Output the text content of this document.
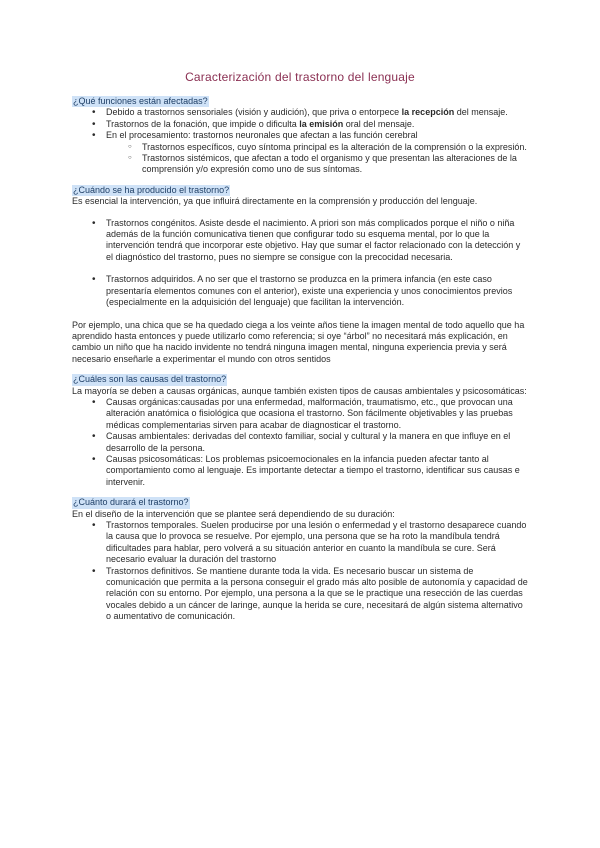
Caracterización del trastorno del lenguaje
¿Qué funciones están afectadas?
• Debido a trastornos sensoriales (visión y audición), que priva o entorpece la recepción del mensaje.
• Trastornos de la fonación, que impide o dificulta la emisión oral del mensaje.
• En el procesamiento: trastornos neuronales que afectan a las función cerebral
○ Trastornos específicos, cuyo síntoma principal es la alteración de la comprensión o la expresión.
○ Trastornos sistémicos, que afectan a todo el organismo y que presentan las alteraciones de la comprensión y/o expresión como uno de sus síntomas.
¿Cuándo se ha producido el trastorno?

Es esencial la intervención, ya que influirá directamente en la comprensión y producción del lenguaje.

• Trastornos congénitos. Asiste desde el nacimiento. A priori son más complicados porque el niño o niña además de la función comunicativa tienen que configurar todo su esquema mental, por lo que la intervención tendrá que incorporar este objetivo. Hay que sumar el factor relacionado con la detección y el diagnóstico del trastorno, pues no siempre se consigue con la precocidad necesaria.
• Trastornos adquiridos. A no ser que el trastorno se produzca en la primera infancia (en este caso presentaría elementos comunes con el anterior), existe una experiencia y unos conocimientos previos (especialmente en la adquisición del lenguaje) que facilitan la intervención.

Por ejemplo, una chica que se ha quedado ciega a los veinte años tiene la imagen mental de todo aquello que ha aprendido hasta entonces y puede utilizarlo como referencia; si oye “árbol” no necesitará más explicación, en cambio un niño que ha nacido invidente no tendrá ninguna imagen mental, ninguna experiencia previa y será necesario enseñarle a experimentar el mundo con otros sentidos

¿Cuáles son las causas del trastorno?

La mayoría se deben a causas orgánicas, aunque también existen tipos de causas ambientales y psicosomáticas:

• Causas orgánicas:causadas por una enfermedad, malformación, traumatismo, etc., que provocan una alteración anatómica o fisiológica que ocasiona el trastorno. Son fácilmente objetivables y las pruebas médicas complementarias sirven para acabar de diagnosticar el trastorno.
• Causas ambientales: derivadas del contexto familiar, social y cultural y la manera en que influye en el desarrollo de la persona.
• Causas psicosomáticas: Los problemas psicoemocionales en la infancia pueden afectar tanto al comportamiento como al lenguaje. Es importante detectar a tiempo el trastorno, identificar sus causas e intervenir.
¿Cuánto durará el trastorno?

En el diseño de la intervención que se plantee será dependiendo de su duración:

• Trastornos temporales. Suelen producirse por una lesión o enfermedad y el trastorno desaparece cuando la causa que lo provoca se resuelve. Por ejemplo, una persona que se ha roto la mandíbula tendrá dificultades para hablar, pero volverá a su situación anterior en cuanto la mandíbula se cure. Será necesario evaluar la duración del trastorno
• Trastornos definitivos. Se mantiene durante toda la vida. Es necesario buscar un sistema de comunicación que permita a la persona conseguir el grado más alto posible de autonomía y capacidad de relación con su entorno. Por ejemplo, una persona a la que se le practique una resección de las cuerdas vocales debido a un cáncer de laringe, aunque la herida se cure, necesitará de algún sistema alternativo o aumentativo de comunicación.
